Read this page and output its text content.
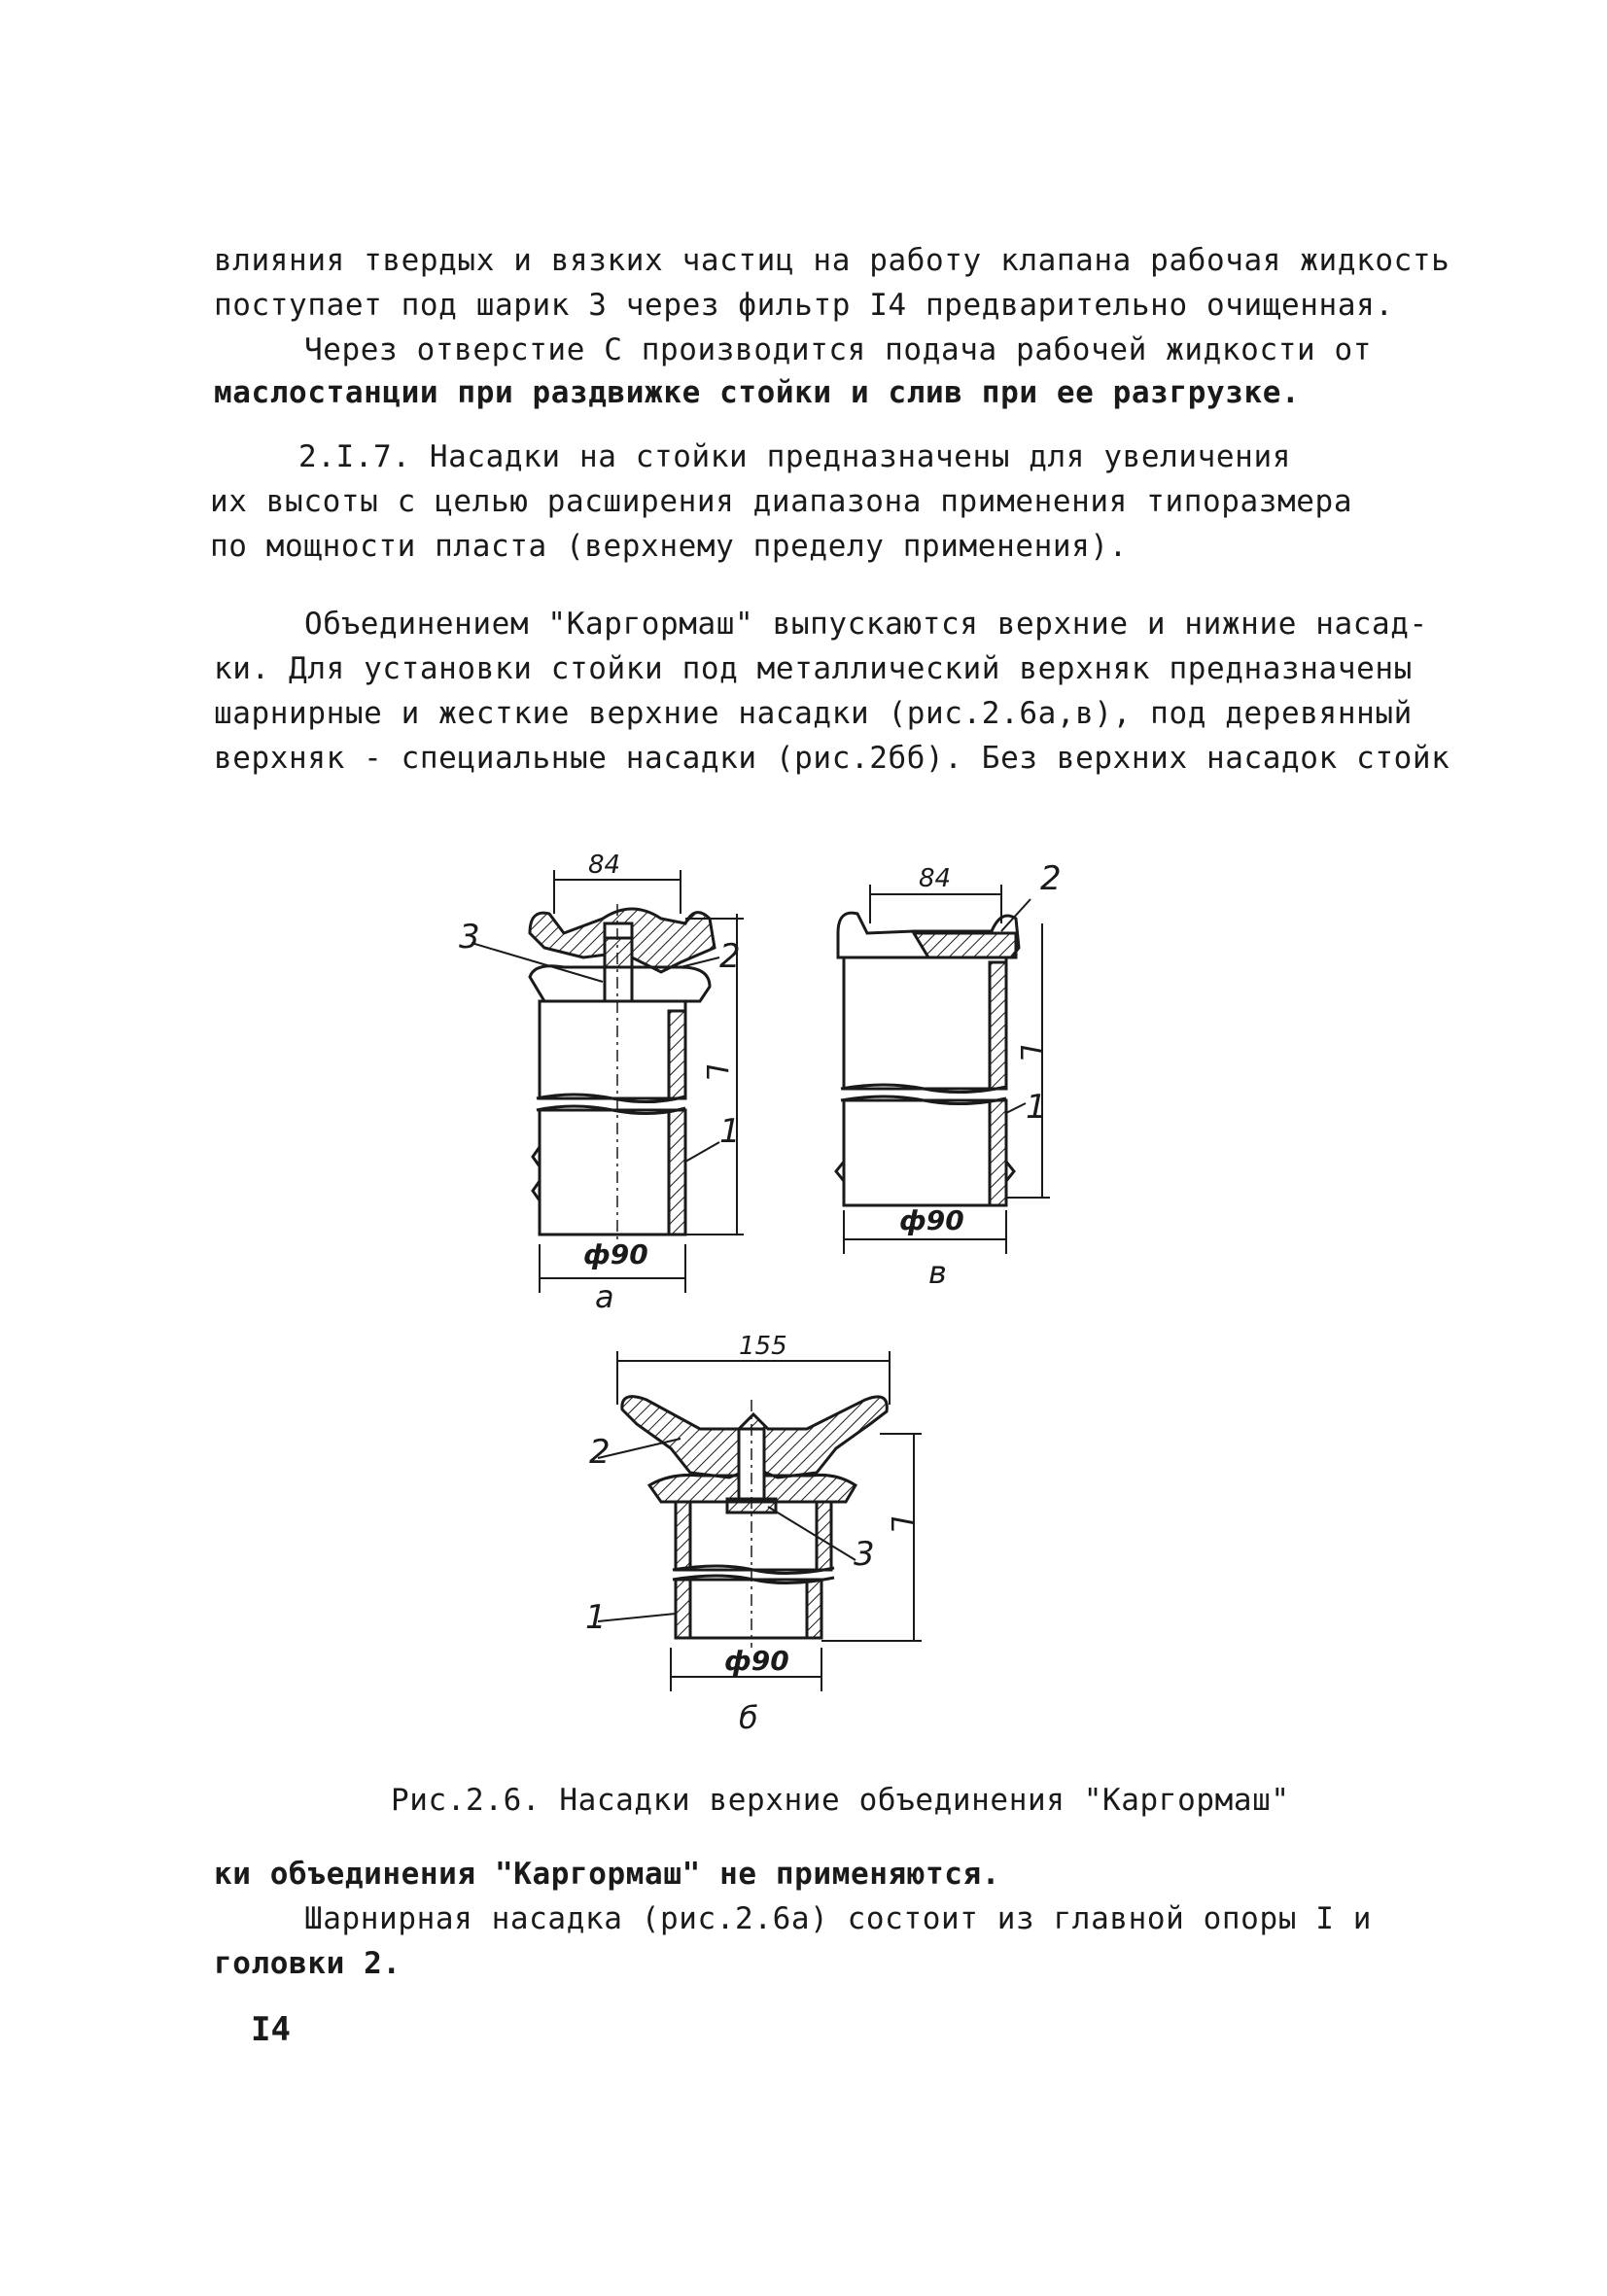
влияния твердых и вязких частиц на работу клапана рабочая жидкость
поступает под шарик 3 через фильтр I4 предварительно очищенная.
Через отверстие С производится подача рабочей жидкости от
маслостанции при раздвижке стойки и слив при ее разгрузке.
2.I.7. Насадки на стойки предназначены для увеличения
их высоты с целью расширения диапазона применения типоразмера
по мощности пласта (верхнему пределу применения).
Объединением "Каргормаш" выпускаются верхние и нижние насад-
ки. Для установки стойки под металлический верхняк предназначены
шарнирные и жесткие верхние насадки (рис.2.6а,в), под деревянный
верхняк - специальные насадки (рис.2бб). Без верхних насадок стойк
84
3	2
1
L
ф90
а
84	2
1
L
ф90
в
155
2
3
1
L
ф90
б
Рис.2.6. Насадки верхние объединения "Каргормаш"
ки объединения "Каргормаш" не применяются.
Шарнирная насадка (рис.2.6а) состоит из главной опоры I и
головки 2.
I4
